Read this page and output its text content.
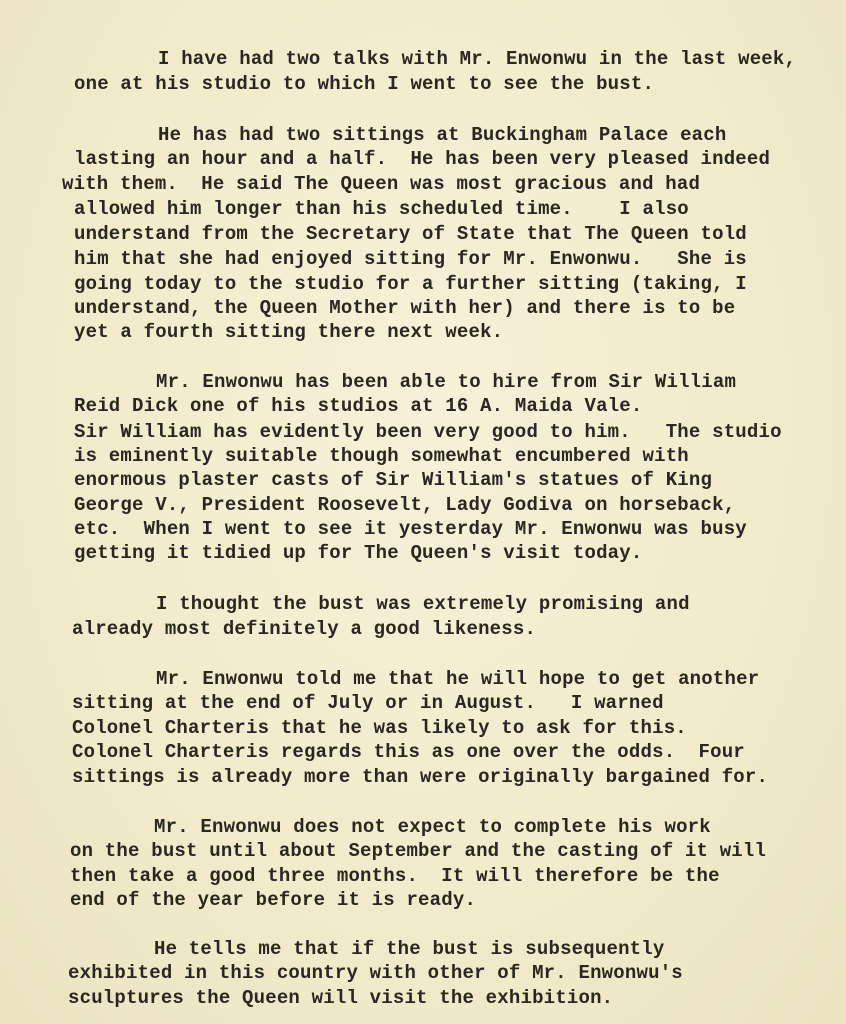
I have had two talks with Mr. Enwonwu in the last week,
one at his studio to which I went to see the bust.
He has had two sittings at Buckingham Palace each
lasting an hour and a half.  He has been very pleased indeed
with them.  He said The Queen was most gracious and had
allowed him longer than his scheduled time.    I also
understand from the Secretary of State that The Queen told
him that she had enjoyed sitting for Mr. Enwonwu.   She is
going today to the studio for a further sitting (taking, I
understand, the Queen Mother with her) and there is to be
yet a fourth sitting there next week.
Mr. Enwonwu has been able to hire from Sir William
Reid Dick one of his studios at 16 A. Maida Vale.
Sir William has evidently been very good to him.   The studio
is eminently suitable though somewhat encumbered with
enormous plaster casts of Sir William's statues of King
George V., President Roosevelt, Lady Godiva on horseback,
etc.  When I went to see it yesterday Mr. Enwonwu was busy
getting it tidied up for The Queen's visit today.
I thought the bust was extremely promising and
already most definitely a good likeness.
Mr. Enwonwu told me that he will hope to get another
sitting at the end of July or in August.   I warned
Colonel Charteris that he was likely to ask for this.
Colonel Charteris regards this as one over the odds.  Four
sittings is already more than were originally bargained for.
Mr. Enwonwu does not expect to complete his work
on the bust until about September and the casting of it will
then take a good three months.  It will therefore be the
end of the year before it is ready.
He tells me that if the bust is subsequently
exhibited in this country with other of Mr. Enwonwu's
sculptures the Queen will visit the exhibition.
